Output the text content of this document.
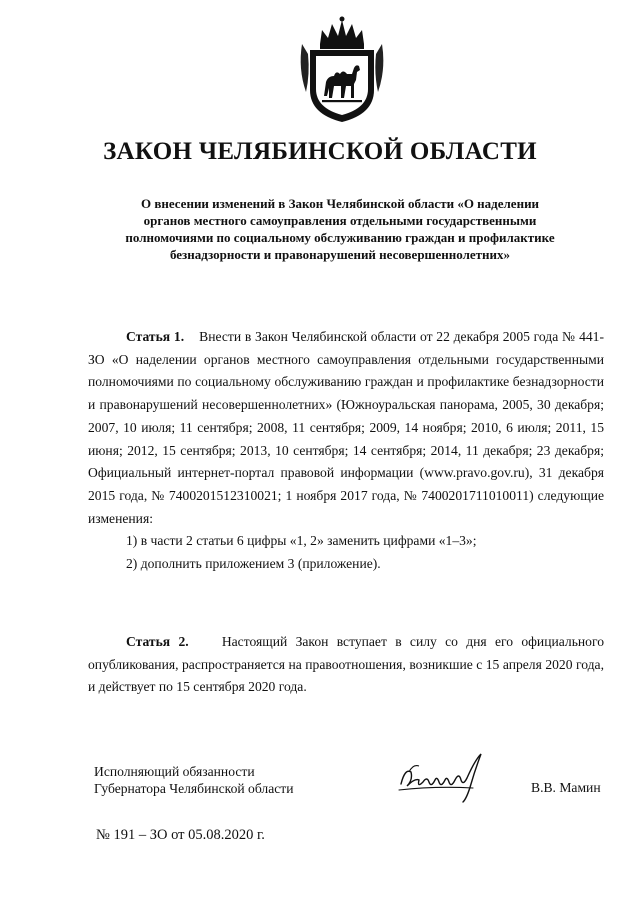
ЗАКОН ЧЕЛЯБИНСКОЙ ОБЛАСТИ
О внесении изменений в Закон Челябинской области «О наделении органов местного самоуправления отдельными государственными полномочиями по социальному обслуживанию граждан и профилактике безнадзорности и правонарушений несовершеннолетних»

Статья 1. Внести в Закон Челябинской области от 22 декабря 2005 года № 441-ЗО «О наделении органов местного самоуправления отдельными государственными полномочиями по социальному обслуживанию граждан и профилактике безнадзорности и правонарушений несовершеннолетних» (Южноуральская панорама, 2005, 30 декабря; 2007, 10 июля; 11 сентября; 2008, 11 сентября; 2009, 14 ноября; 2010, 6 июля; 2011, 15 июня; 2012, 15 сентября; 2013, 10 сентября; 14 сентября; 2014, 11 декабря; 23 декабря; Официальный интернет-портал правовой информации (www.pravo.gov.ru), 31 декабря 2015 года, № 7400201512310021; 1 ноября 2017 года, № 7400201711010011) следующие изменения:

1) в части 2 статьи 6 цифры «1, 2» заменить цифрами «1–3»;

2) дополнить приложением 3 (приложение).

Статья 2. Настоящий Закон вступает в силу со дня его официального опубликования, распространяется на правоотношения, возникшие с 15 апреля 2020 года, и действует по 15 сентября 2020 года.

Исполняющий обязанности
Губернатора Челябинской области	В.В. Мамин
№ 191 – ЗО от 05.08.2020 г.
